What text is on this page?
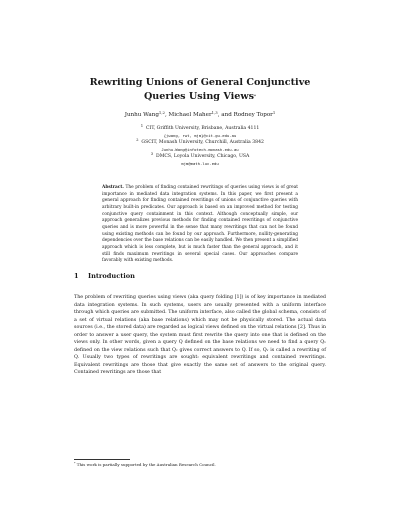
Rewriting Unions of General Conjunctive
Queries Using Views*
Junhu Wang$^{1,2}$, Michael Maher$^{1,3}$, and Rodney Topor$^1$
$^1$  CIT, Griffith University, Brisbane, Australia 4111
{jwang, rwt, mjm}@cit.gu.edu.au
$^2$  GSCIT, Monash University, Churchill, Australia 3842
Junhu.Wang@infotech.monash.edu.au
$^3$  DMCS, Loyola University, Chicago, USA
mjm@math.luc.edu
Abstract. The problem of finding contained rewritings of queries using views is of great importance in mediated data integration systems. In this paper, we first present a general approach for finding contained rewritings of unions of conjunctive queries with arbitrary built-in predicates. Our approach is based on an improved method for testing conjunctive query containment in this context. Although conceptually simple, our approach generalizes previous methods for finding contained rewritings of conjunctive queries and is more powerful in the sense that many rewritings that can not be found using existing methods can be found by our approach. Furthermore, nullity-generating dependencies over the base relations can be easily handled. We then present a simplified approach which is less complete, but is much faster than the general approach, and it still finds maximum rewritings in several special cases. Our approaches compare favorably with existing methods.
1 Introduction
The problem of rewriting queries using views (aka query folding [1]) is of key importance in mediated data integration systems. In such systems, users are usually presented with a uniform interface through which queries are submitted. The uniform interface, also called the global schema, consists of a set of virtual relations (aka base relations) which may not be physically stored. The actual data sources (i.e., the stored data) are regarded as logical views defined on the virtual relations [2]. Thus in order to answer a user query, the system must first rewrite the query into one that is defined on the views only. In other words, given a query Q defined on the base relations we need to find a query Qᵥ defined on the view relations such that Qᵥ gives correct answers to Q. If so, Qᵥ is called a rewriting of Q. Usually two types of rewritings are sought: equivalent rewritings and contained rewritings. Equivalent rewritings are those that give exactly the same set of answers to the original query. Contained rewritings are those that
* This work is partially supported by the Australian Research Council.
